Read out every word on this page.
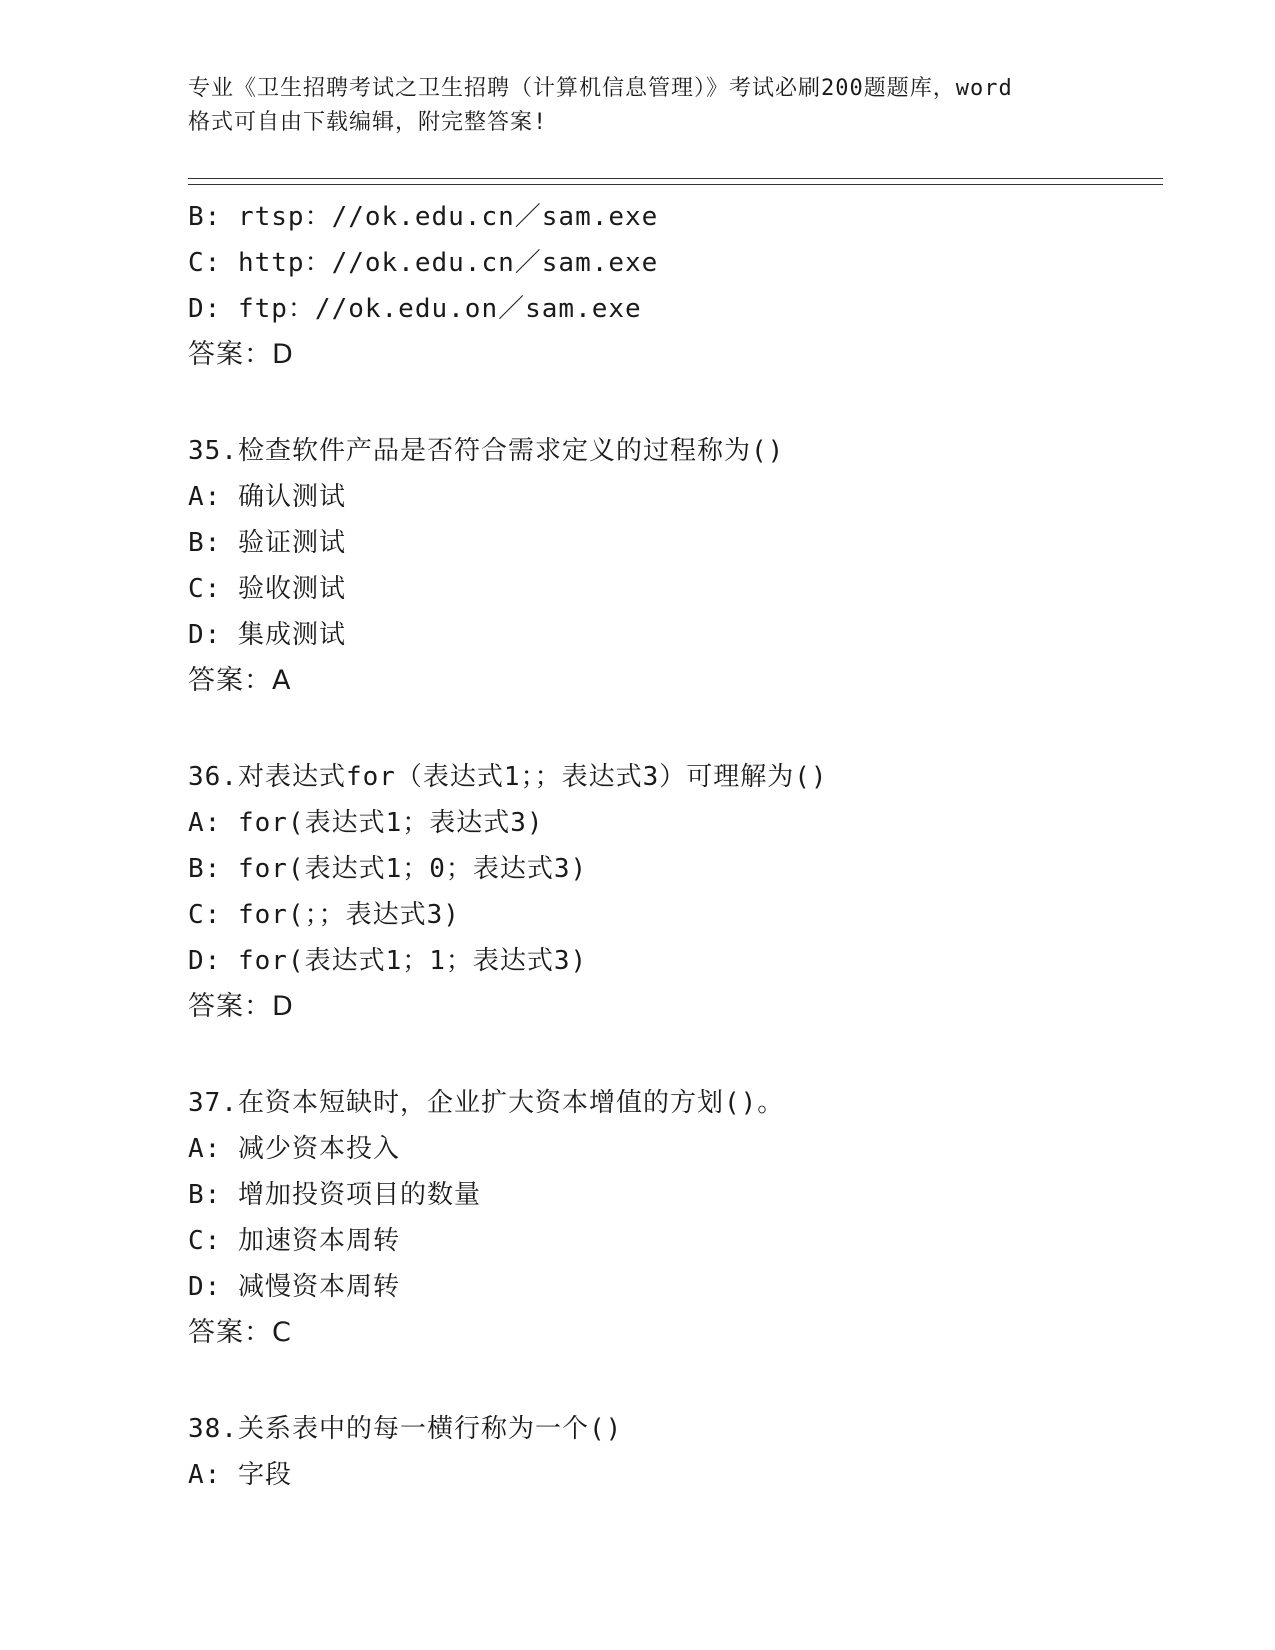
专业《卫生招聘考试之卫生招聘（计算机信息管理）》考试必刷200题题库，word
格式可自由下载编辑，附完整答案!
B: rtsp：//ok.edu.cn／sam.exe
C: http：//ok.edu.cn／sam.exe
D: ftp：//ok.edu.on／sam.exe
答案：D
35.检查软件产品是否符合需求定义的过程称为()
A: 确认测试
B: 验证测试
C: 验收测试
D: 集成测试
答案：A
36.对表达式for（表达式1；；表达式3）可理解为()
A: for(表达式1；表达式3)
B: for(表达式1；0；表达式3)
C: for(；；表达式3)
D: for(表达式1；1；表达式3)
答案：D
37.在资本短缺时，企业扩大资本增值的方划()。
A: 减少资本投入
B: 增加投资项目的数量
C: 加速资本周转
D: 减慢资本周转
答案：C
38.关系表中的每一横行称为一个()
A: 字段
